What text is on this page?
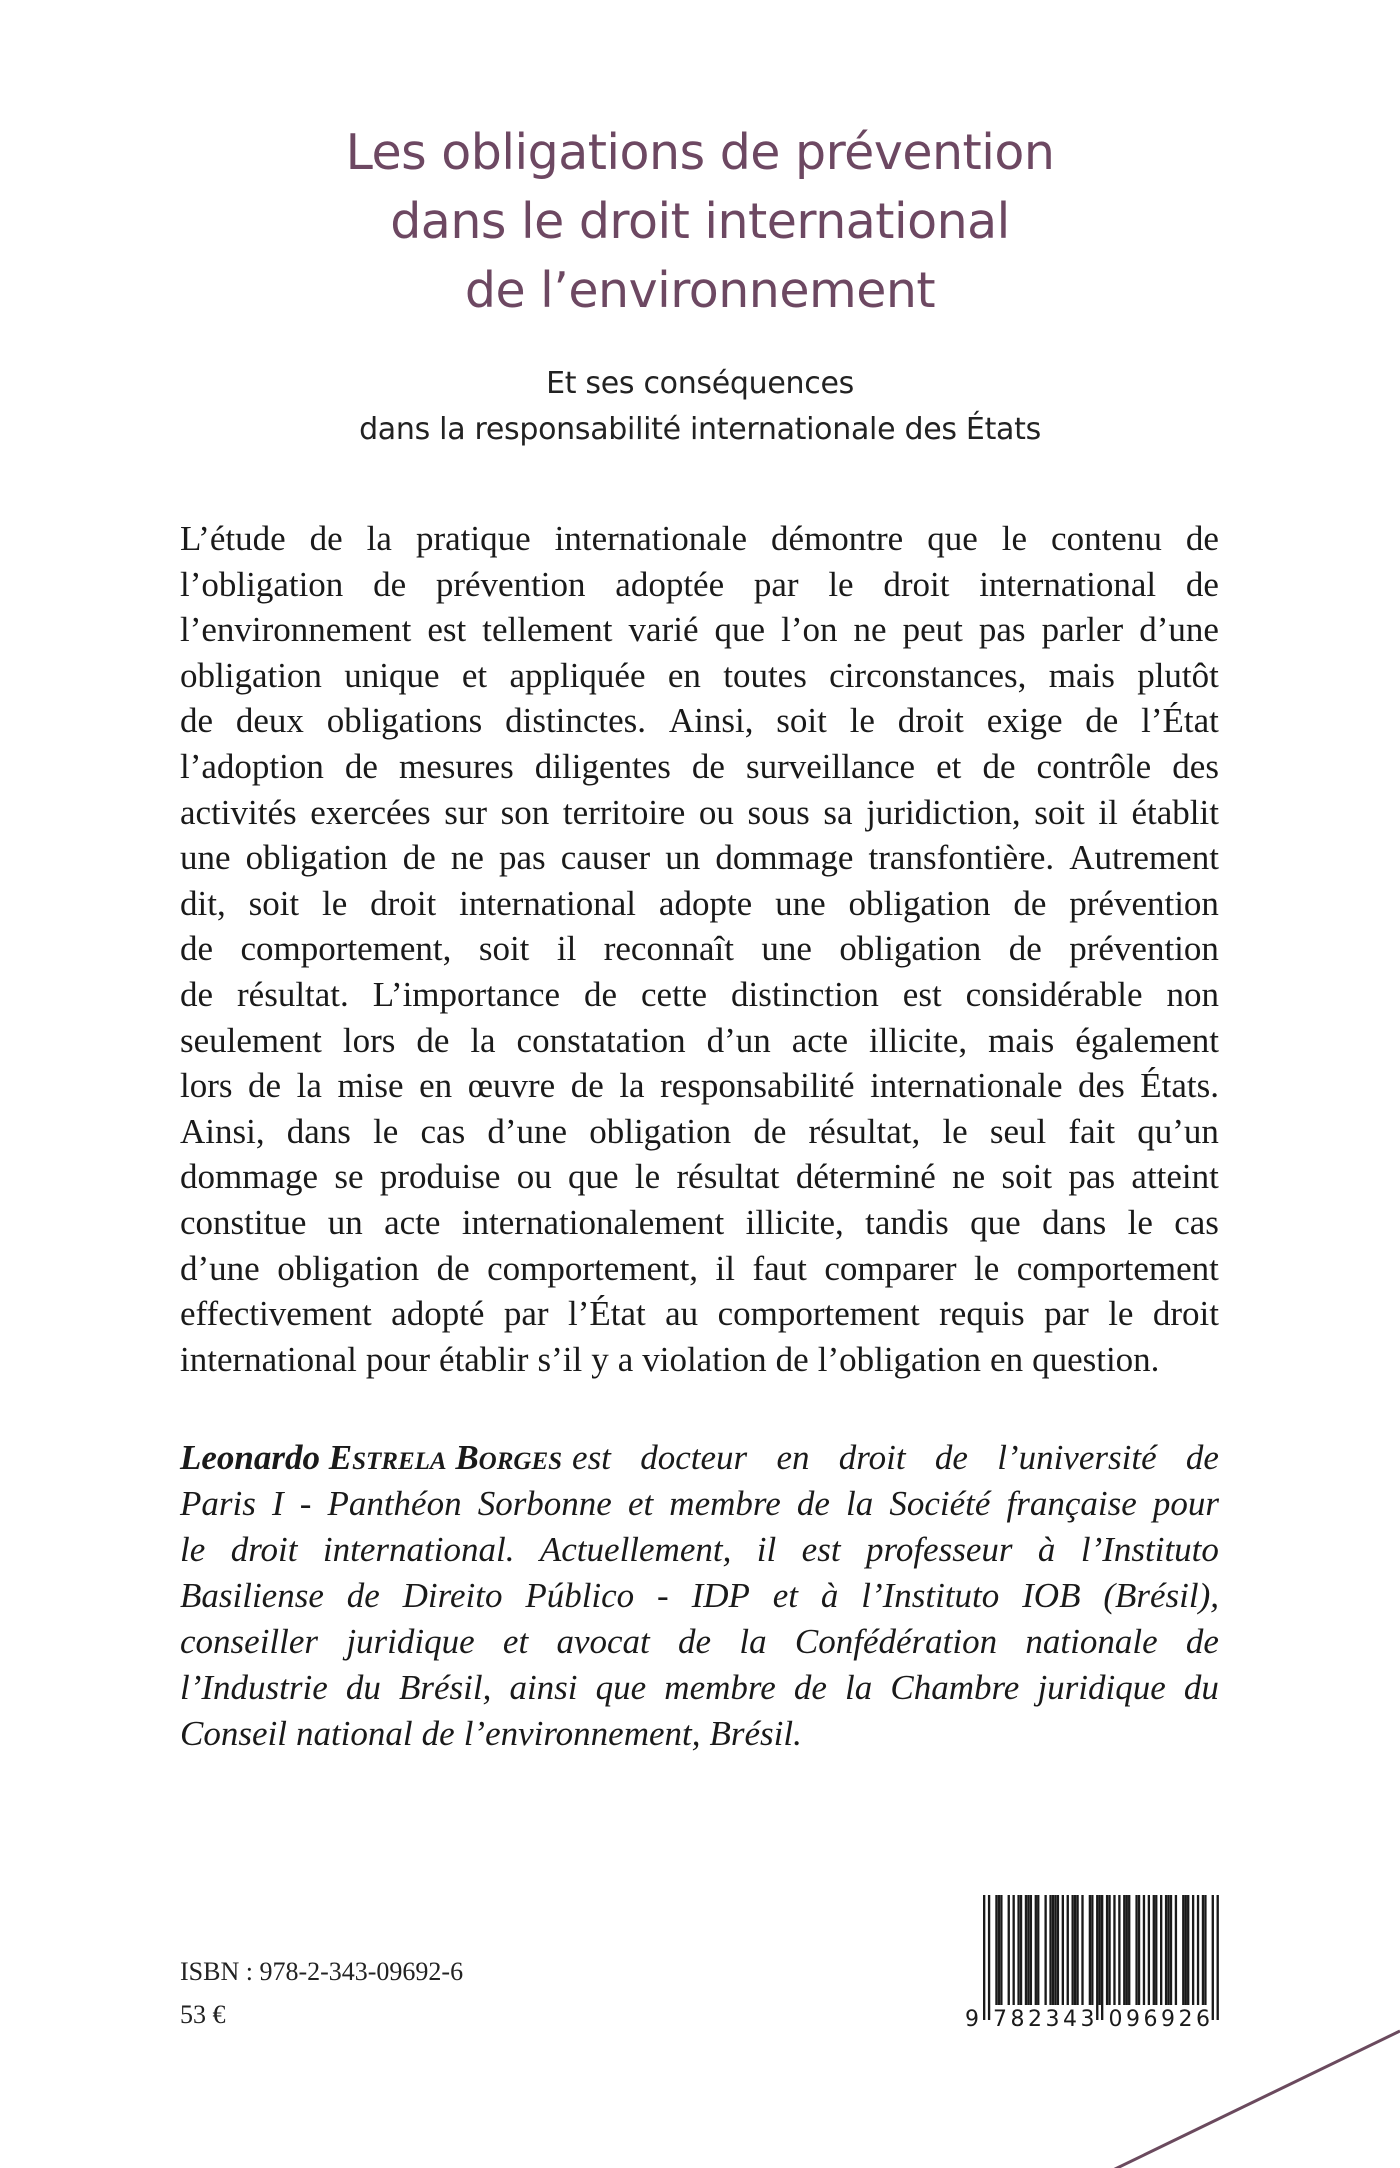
Les obligations de prévention
dans le droit international
de l’environnement
Et ses conséquences
dans la responsabilité internationale des États
L’étude de la pratique internationale démontre que le contenu de
l’obligation de prévention adoptée par le droit international de
l’environnement est tellement varié que l’on ne peut pas parler d’une
obligation unique et appliquée en toutes circonstances, mais plutôt
de deux obligations distinctes. Ainsi, soit le droit exige de l’État
l’adoption de mesures diligentes de surveillance et de contrôle des
activités exercées sur son territoire ou sous sa juridiction, soit il établit
une obligation de ne pas causer un dommage transfontière. Autrement
dit, soit le droit international adopte une obligation de prévention
de comportement, soit il reconnaît une obligation de prévention
de résultat. L’importance de cette distinction est considérable non
seulement lors de la constatation d’un acte illicite, mais également
lors de la mise en œuvre de la responsabilité internationale des États.
Ainsi, dans le cas d’une obligation de résultat, le seul fait qu’un
dommage se produise ou que le résultat déterminé ne soit pas atteint
constitue un acte internationalement illicite, tandis que dans le cas
d’une obligation de comportement, il faut comparer le comportement
effectivement adopté par l’État au comportement requis par le droit
international pour établir s’il y a violation de l’obligation en question.
Leonardo Estrela Borges est docteur en droit de l’université de
Paris I - Panthéon Sorbonne et membre de la Société française pour
le droit international. Actuellement, il est professeur à l’Instituto
Basiliense de Direito Público - IDP et à l’Instituto IOB (Brésil),
conseiller juridique et avocat de la Confédération nationale de
l’Industrie du Brésil, ainsi que membre de la Chambre juridique du
Conseil national de l’environnement, Brésil.
ISBN : 978-2-343-09692-6
53 €	9 782343 096926
